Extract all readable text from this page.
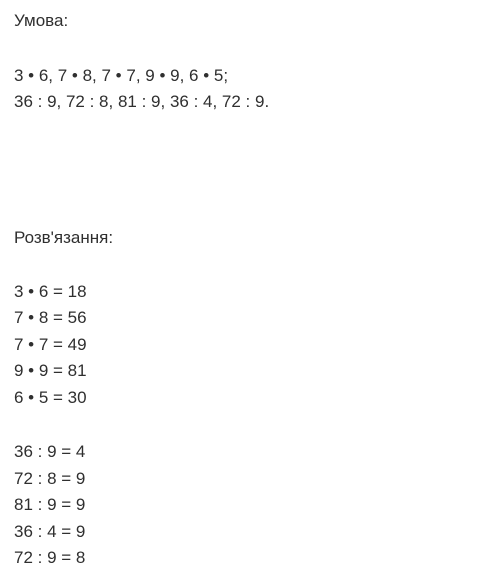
Умова:
3 • 6, 7 • 8, 7 • 7, 9 • 9, 6 • 5;
36 : 9, 72 : 8, 81 : 9, 36 : 4, 72 : 9.
Розв'язання:
3 • 6 = 18
7 • 8 = 56
7 • 7 = 49
9 • 9 = 81
6 • 5 = 30
36 : 9 = 4
72 : 8 = 9
81 : 9 = 9
36 : 4 = 9
72 : 9 = 8
